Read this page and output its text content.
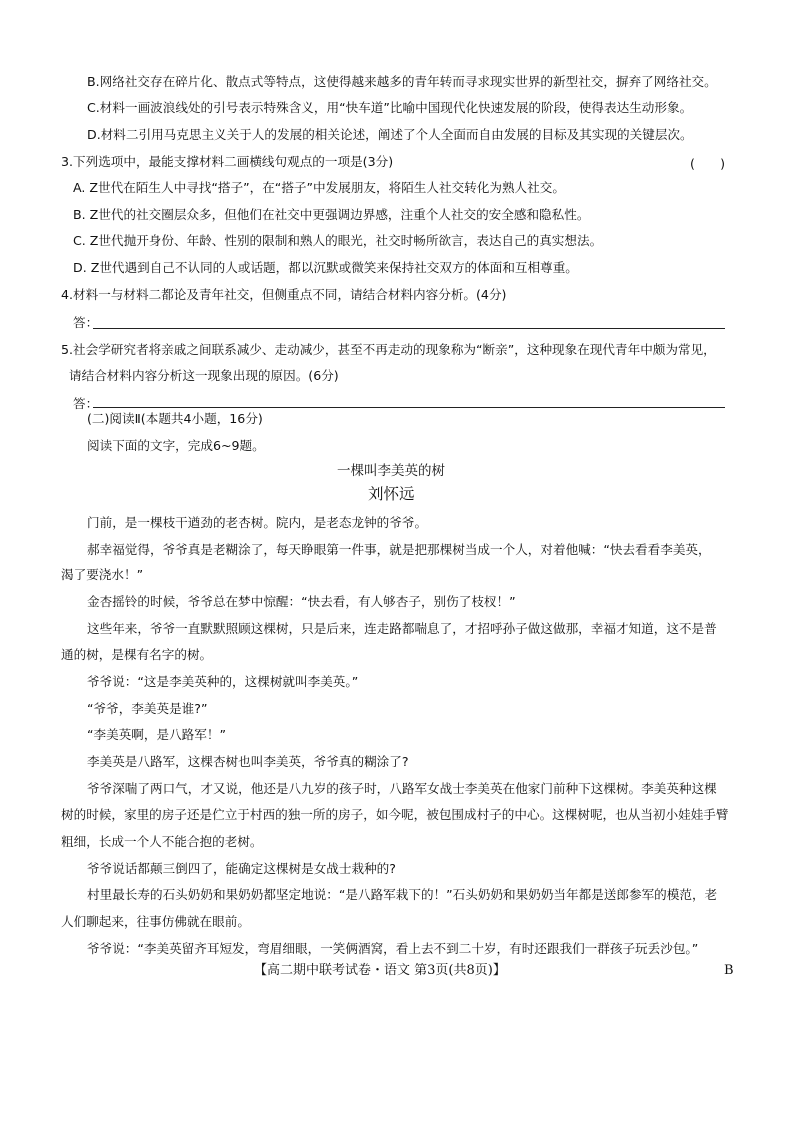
B.网络社交存在碎片化、散点式等特点，这使得越来越多的青年转而寻求现实世界的新型社交，摒弃了网络社交。
C.材料一画波浪线处的引号表示特殊含义，用“快车道”比喻中国现代化快速发展的阶段，使得表达生动形象。
D.材料二引用马克思主义关于人的发展的相关论述，阐述了个人全面而自由发展的目标及其实现的关键层次。
3.下列选项中，最能支撑材料二画横线句观点的一项是(3分)	(　　)
A. Z世代在陌生人中寻找“搭子”，在“搭子”中发展朋友，将陌生人社交转化为熟人社交。
B. Z世代的社交圈层众多，但他们在社交中更强调边界感，注重个人社交的安全感和隐私性。
C. Z世代抛开身份、年龄、性别的限制和熟人的眼光，社交时畅所欲言，表达自己的真实想法。
D. Z世代遇到自己不认同的人或话题，都以沉默或微笑来保持社交双方的体面和互相尊重。
4.材料一与材料二都论及青年社交，但侧重点不同，请结合材料内容分析。(4分)
答：
5.社会学研究者将亲戚之间联系减少、走动减少，甚至不再走动的现象称为“断亲”，这种现象在现代青年中颇为常见，
请结合材料内容分析这一现象出现的原因。(6分)
答：
(二)阅读Ⅱ(本题共4小题，16分)
阅读下面的文字，完成6~9题。
一棵叫李美英的树
刘怀远
门前，是一棵枝干遒劲的老杏树。院内，是老态龙钟的爷爷。
郝幸福觉得，爷爷真是老糊涂了，每天睁眼第一件事，就是把那棵树当成一个人，对着他喊：“快去看看李美英，
渴了要浇水！”
金杏摇铃的时候，爷爷总在梦中惊醒：“快去看，有人够杏子，别伤了枝杈！”
这些年来，爷爷一直默默照顾这棵树，只是后来，连走路都喘息了，才招呼孙子做这做那，幸福才知道，这不是普
通的树，是棵有名字的树。
爷爷说：“这是李美英种的，这棵树就叫李美英。”
“爷爷，李美英是谁?”
“李美英啊，是八路军！”
李美英是八路军，这棵杏树也叫李美英，爷爷真的糊涂了?
爷爷深喘了两口气，才又说，他还是八九岁的孩子时，八路军女战士李美英在他家门前种下这棵树。李美英种这棵
树的时候，家里的房子还是伫立于村西的独一所的房子，如今呢，被包围成村子的中心。这棵树呢，也从当初小娃娃手臂
粗细，长成一个人不能合抱的老树。
爷爷说话都颠三倒四了，能确定这棵树是女战士栽种的?
村里最长寿的石头奶奶和果奶奶都坚定地说：“是八路军栽下的！”石头奶奶和果奶奶当年都是送郎参军的模范，老
人们聊起来，往事仿佛就在眼前。
爷爷说：“李美英留齐耳短发，弯眉细眼，一笑俩酒窝，看上去不到二十岁，有时还跟我们一群孩子玩丢沙包。”
【高二期中联考试卷・语文 第3页(共8页)】	B
